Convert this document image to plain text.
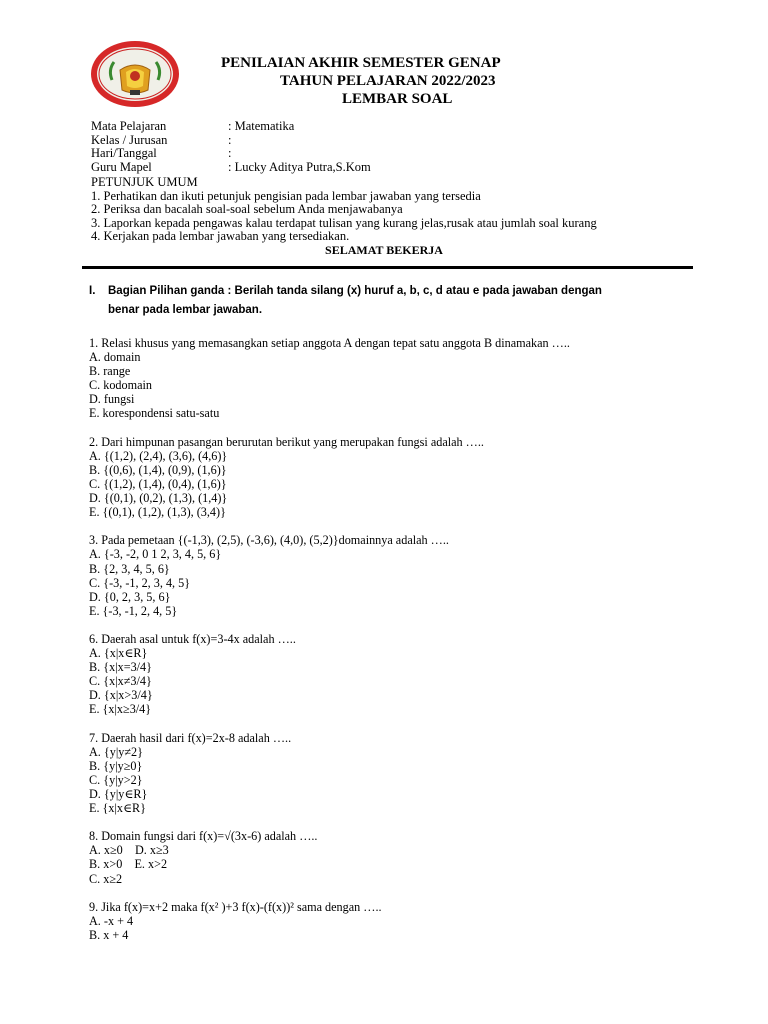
PENILAIAN AKHIR SEMESTER GENAP
TAHUN PELAJARAN 2022/2023
LEMBAR SOAL
Mata Pelajaran	: Matematika
Kelas / Jurusan	:
Hari/Tanggal	:
Guru Mapel	: Lucky Aditya Putra,S.Kom
PETUNJUK UMUM
1. Perhatikan dan ikuti petunjuk pengisian pada lembar jawaban yang tersedia
2. Periksa dan bacalah soal-soal sebelum Anda menjawabanya
3. Laporkan kepada pengawas kalau terdapat tulisan yang kurang jelas,rusak atau jumlah soal kurang
4. Kerjakan pada lembar jawaban yang tersediakan.
SELAMAT BEKERJA
I.	Bagian Pilihan ganda : Berilah tanda silang (x) huruf a, b, c, d atau e pada jawaban dengan
benar pada lembar jawaban.
1. Relasi khusus yang memasangkan setiap anggota A dengan tepat satu anggota B dinamakan …..
A. domain
B. range
C. kodomain
D. fungsi
E. korespondensi satu-satu
2. Dari himpunan pasangan berurutan berikut yang merupakan fungsi adalah …..
A. {(1,2), (2,4), (3,6), (4,6)}
B. {(0,6), (1,4), (0,9), (1,6)}
C. {(1,2), (1,4), (0,4), (1,6)}
D. {(0,1), (0,2), (1,3), (1,4)}
E. {(0,1), (1,2), (1,3), (3,4)}
3. Pada pemetaan {(-1,3), (2,5), (-3,6), (4,0), (5,2)}domainnya adalah …..
A. {-3, -2, 0 1 2, 3, 4, 5, 6}
B. {2, 3, 4, 5, 6}
C. {-3, -1, 2, 3, 4, 5}
D. {0, 2, 3, 5, 6}
E. {-3, -1, 2, 4, 5}
6. Daerah asal untuk f(x)=3-4x adalah …..
A. {x|x∈R}
B. {x|x=3/4}
C. {x|x≠3/4}
D. {x|x>3/4}
E. {x|x≥3/4}
7. Daerah hasil dari f(x)=2x-8 adalah …..
A. {y|y≠2}
B. {y|y≥0}
C. {y|y>2}
D. {y|y∈R}
E. {x|x∈R}
8. Domain fungsi dari f(x)=√(3x-6) adalah …..
A. x≥0    D. x≥3
B. x>0    E. x>2
C. x≥2
9. Jika f(x)=x+2 maka f(x² )+3 f(x)-(f(x))² sama dengan …..
A. -x + 4
B. x + 4
